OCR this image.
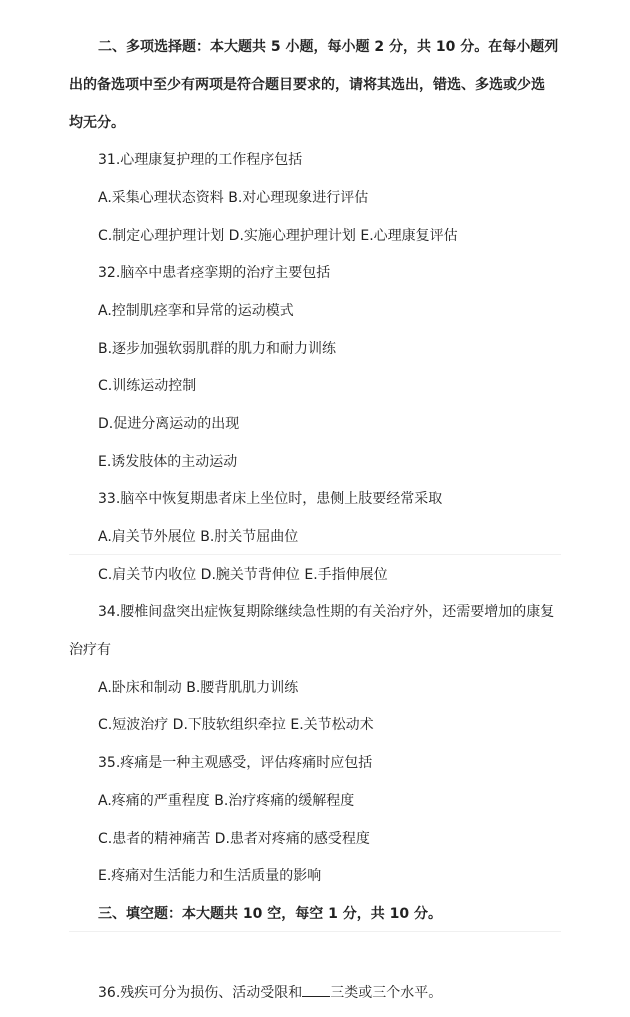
二、多项选择题：本大题共 5 小题，每小题 2 分，共 10 分。在每小题列
出的备选项中至少有两项是符合题目要求的，请将其选出，错选、多选或少选
均无分。
31.心理康复护理的工作程序包括
A.采集心理状态资料 B.对心理现象进行评估
C.制定心理护理计划 D.实施心理护理计划 E.心理康复评估
32.脑卒中患者痉挛期的治疗主要包括
A.控制肌痉挛和异常的运动模式
B.逐步加强软弱肌群的肌力和耐力训练
C.训练运动控制
D.促进分离运动的出现
E.诱发肢体的主动运动
33.脑卒中恢复期患者床上坐位时，患侧上肢要经常采取
A.肩关节外展位 B.肘关节屈曲位
C.肩关节内收位 D.腕关节背伸位 E.手指伸展位
34.腰椎间盘突出症恢复期除继续急性期的有关治疗外，还需要增加的康复
治疗有
A.卧床和制动 B.腰背肌肌力训练
C.短波治疗 D.下肢软组织牵拉 E.关节松动术
35.疼痛是一种主观感受，评估疼痛时应包括
A.疼痛的严重程度 B.治疗疼痛的缓解程度
C.患者的精神痛苦 D.患者对疼痛的感受程度
E.疼痛对生活能力和生活质量的影响
三、填空题：本大题共 10 空，每空 1 分，共 10 分。
36.残疾可分为损伤、活动受限和 三类或三个水平。
